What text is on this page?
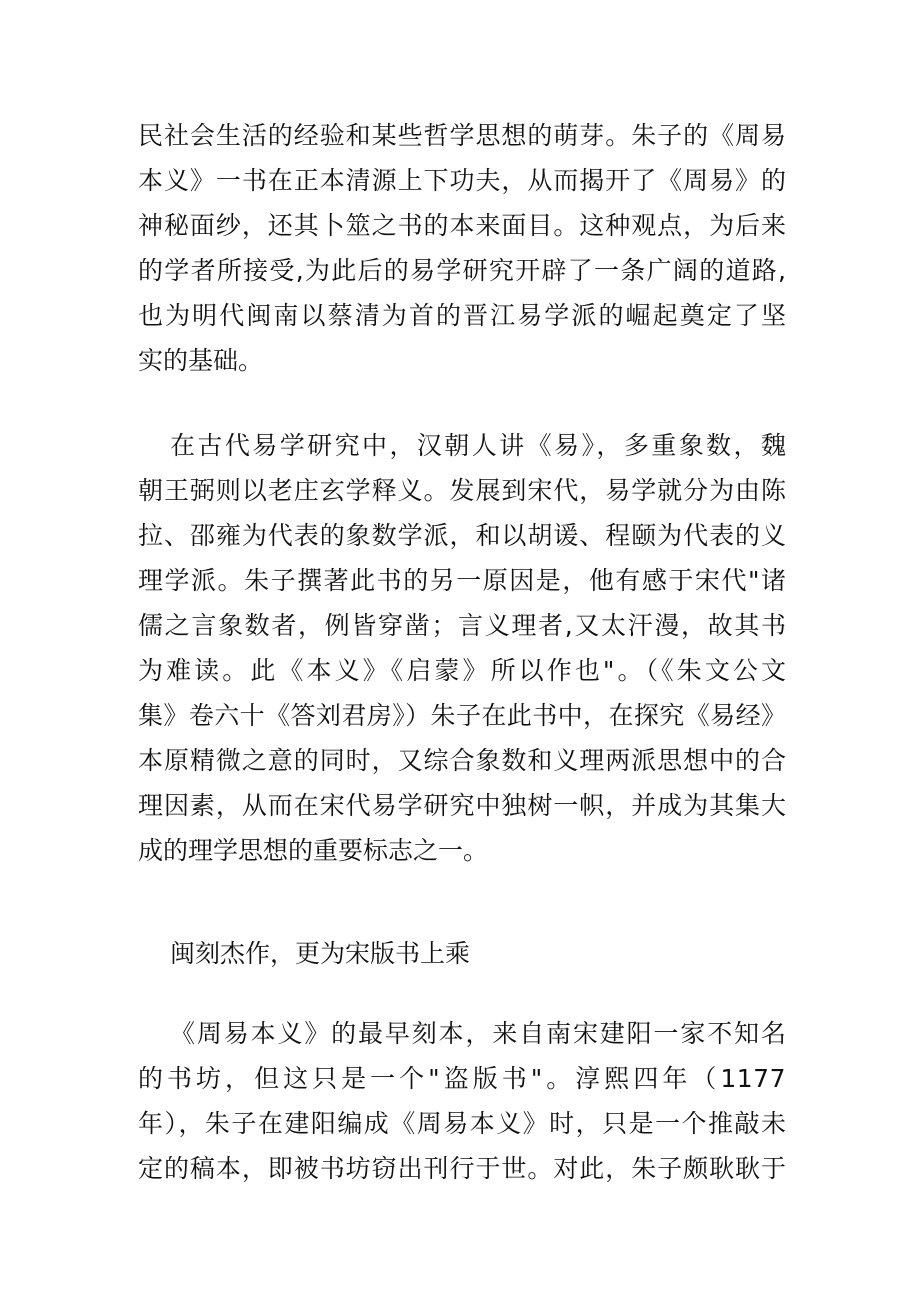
民社会生活的经验和某些哲学思想的萌芽。朱子的《周易
本义》一书在正本清源上下功夫，从而揭开了《周易》的
神秘面纱，还其卜筮之书的本来面目。这种观点，为后来
的学者所接受,为此后的易学研究开辟了一条广阔的道路,
也为明代闽南以蔡清为首的晋江易学派的崛起奠定了坚
实的基础。
在古代易学研究中，汉朝人讲《易》，多重象数，魏
朝王弼则以老庄玄学释义。发展到宋代，易学就分为由陈
拉、邵雍为代表的象数学派，和以胡谖、程颐为代表的义
理学派。朱子撰著此书的另一原因是，他有感于宋代"诸
儒之言象数者，例皆穿凿；言义理者,又太汗漫，故其书
为难读。此《本义》《启蒙》所以作也"。（《朱文公文
集》卷六十《答刘君房》）朱子在此书中，在探究《易经》
本原精微之意的同时，又综合象数和义理两派思想中的合
理因素，从而在宋代易学研究中独树一帜，并成为其集大
成的理学思想的重要标志之一。
闽刻杰作，更为宋版书上乘
《周易本义》的最早刻本，来自南宋建阳一家不知名
的书坊，但这只是一个"盗版书"。淳熙四年（1177
年），朱子在建阳编成《周易本义》时，只是一个推敲未
定的稿本，即被书坊窃出刊行于世。对此，朱子颇耿耿于
